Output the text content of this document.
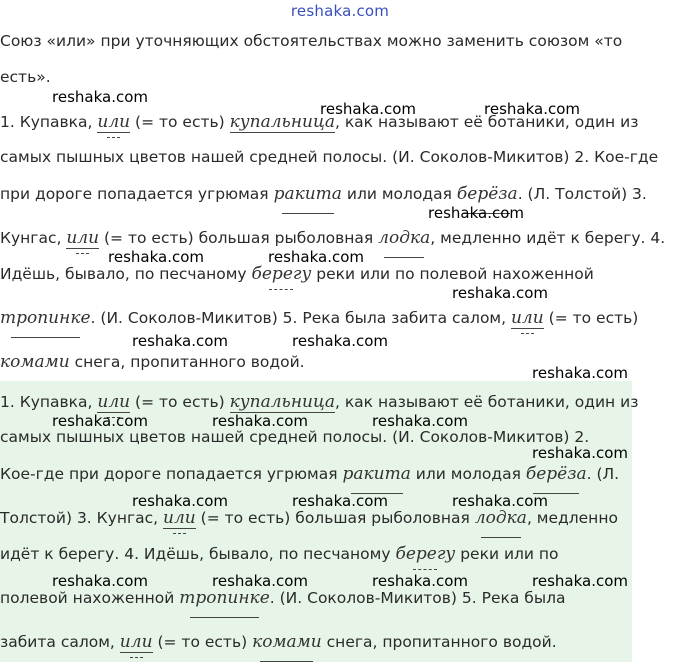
reshaka.com
Союз «или» при уточняющих обстоятельствах можно заменить союзом «то
есть».
1. Купавка, или (= то есть) купальница, как называют её ботаники, один из
самых пышных цветов нашей средней полосы. (И. Соколов-Микитов) 2. Кое-где
при дороге попадается угрюмая ракита или молодая берёза. (Л. Толстой) 3.
Кунгас, или (= то есть) большая рыболовная лодка, медленно идёт к берегу. 4.
Идёшь, бывало, по песчаному берегу реки или по полевой нахоженной
тропинке. (И. Соколов-Микитов) 5. Река была забита салом, или (= то есть)
комами снега, пропитанного водой.
1. Купавка, или (= то есть) купальница, как называют её ботаники, один из
самых пышных цветов нашей средней полосы. (И. Соколов-Микитов) 2.
Кое-где при дороге попадается угрюмая ракита или молодая берёза. (Л.
Толстой) 3. Кунгас, или (= то есть) большая рыболовная лодка, медленно
идёт к берегу. 4. Идёшь, бывало, по песчаному берегу реки или по
полевой нахоженной тропинке. (И. Соколов-Микитов) 5. Река была
забита салом, или (= то есть) комами снега, пропитанного водой.
reshaka.com
reshaka.com	reshaka.com
reshaka.com
reshaka.com	reshaka.com
reshaka.com
reshaka.com	reshaka.com
reshaka.com
reshaka.com	reshaka.com	reshaka.com
reshaka.com
reshaka.com	reshaka.com	reshaka.com
reshaka.com	reshaka.com	reshaka.com	reshaka.com
